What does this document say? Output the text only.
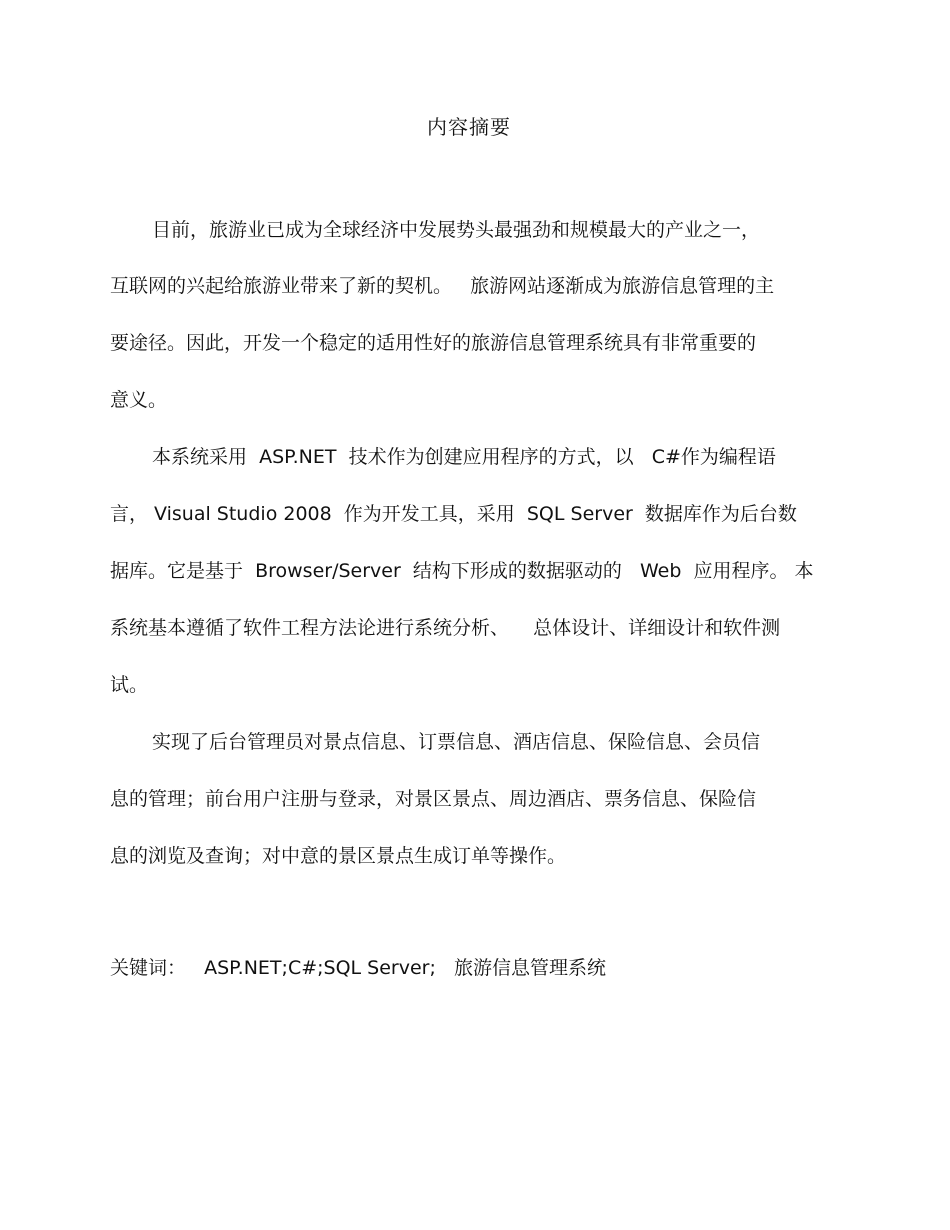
内容摘要
目前，旅游业已成为全球经济中发展势头最强劲和规模最大的产业之一，
互联网的兴起给旅游业带来了新的契机。   旅游网站逐渐成为旅游信息管理的主
要途径。因此，开发一个稳定的适用性好的旅游信息管理系统具有非常重要的
意义。
本系统采用  ASP.NET  技术作为创建应用程序的方式，以   C#作为编程语
言， Visual Studio 2008  作为开发工具，采用  SQL Server  数据库作为后台数
据库。它是基于  Browser/Server  结构下形成的数据驱动的   Web  应用程序。 本
系统基本遵循了软件工程方法论进行系统分析、    总体设计、详细设计和软件测
试。
实现了后台管理员对景点信息、订票信息、酒店信息、保险信息、会员信
息的管理；前台用户注册与登录，对景区景点、周边酒店、票务信息、保险信
息的浏览及查询；对中意的景区景点生成订单等操作。
关键词：   ASP.NET;C#;SQL Server;   旅游信息管理系统
